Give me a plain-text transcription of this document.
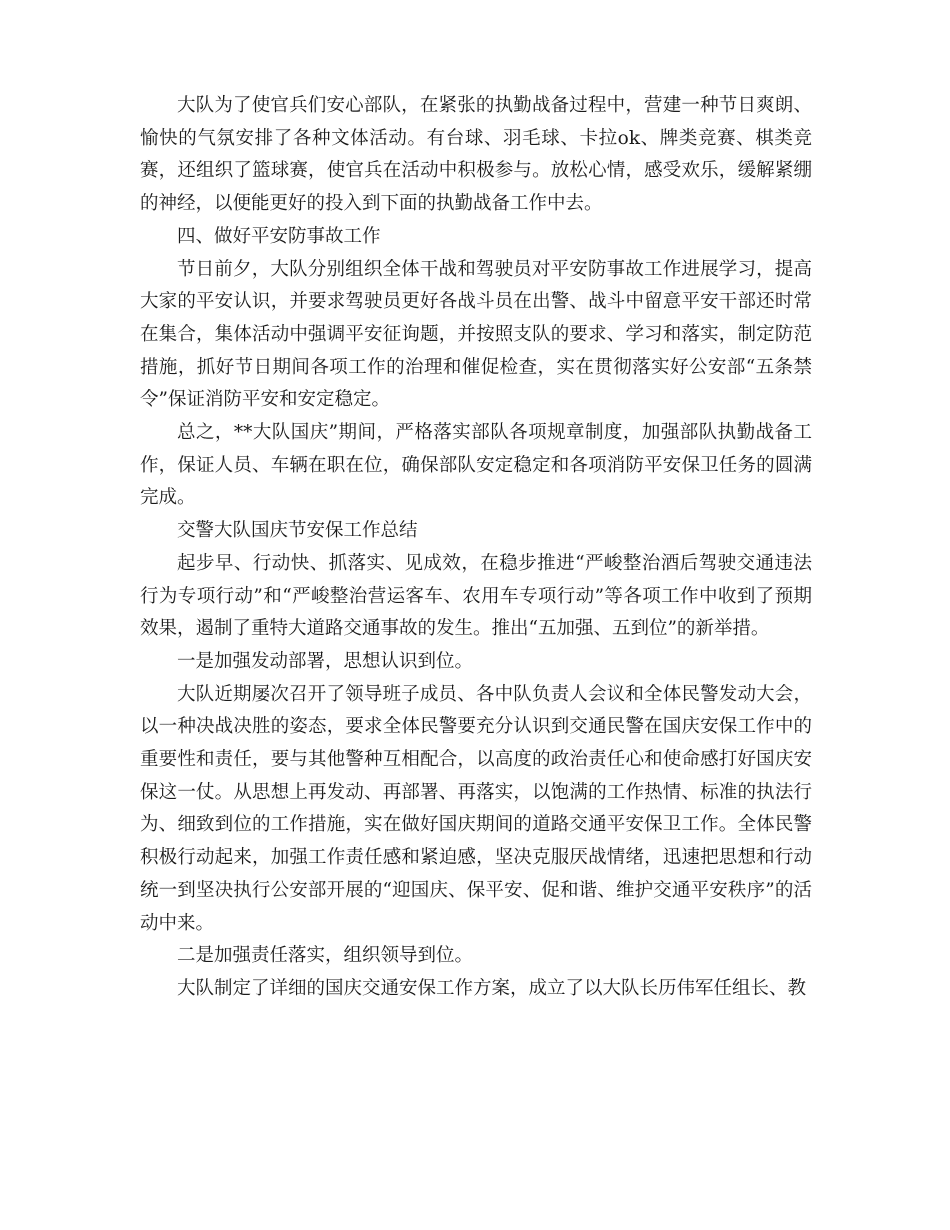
大队为了使官兵们安心部队，在紧张的执勤战备过程中，营建一种节日爽朗、愉快的气氛安排了各种文体活动。有台球、羽毛球、卡拉ok、牌类竞赛、棋类竞赛，还组织了篮球赛，使官兵在活动中积极参与。放松心情，感受欢乐，缓解紧绷的神经，以便能更好的投入到下面的执勤战备工作中去。

四、做好平安防事故工作

节日前夕，大队分别组织全体干战和驾驶员对平安防事故工作进展学习，提高大家的平安认识，并要求驾驶员更好各战斗员在出警、战斗中留意平安干部还时常在集合，集体活动中强调平安征询题，并按照支队的要求、学习和落实，制定防范措施，抓好节日期间各项工作的治理和催促检查，实在贯彻落实好公安部“五条禁令”保证消防平安和安定稳定。

总之，**大队国庆”期间，严格落实部队各项规章制度，加强部队执勤战备工作，保证人员、车辆在职在位，确保部队安定稳定和各项消防平安保卫任务的圆满完成。

交警大队国庆节安保工作总结

起步早、行动快、抓落实、见成效，在稳步推进“严峻整治酒后驾驶交通违法行为专项行动”和“严峻整治营运客车、农用车专项行动”等各项工作中收到了预期效果，遏制了重特大道路交通事故的发生。推出“五加强、五到位”的新举措。

一是加强发动部署，思想认识到位。

大队近期屡次召开了领导班子成员、各中队负责人会议和全体民警发动大会，以一种决战决胜的姿态，要求全体民警要充分认识到交通民警在国庆安保工作中的重要性和责任，要与其他警种互相配合，以高度的政治责任心和使命感打好国庆安保这一仗。从思想上再发动、再部署、再落实，以饱满的工作热情、标准的执法行为、细致到位的工作措施，实在做好国庆期间的道路交通平安保卫工作。全体民警积极行动起来，加强工作责任感和紧迫感，坚决克服厌战情绪，迅速把思想和行动统一到坚决执行公安部开展的“迎国庆、保平安、促和谐、维护交通平安秩序”的活动中来。

二是加强责任落实，组织领导到位。

大队制定了详细的国庆交通安保工作方案，成立了以大队长历伟军任组长、教
